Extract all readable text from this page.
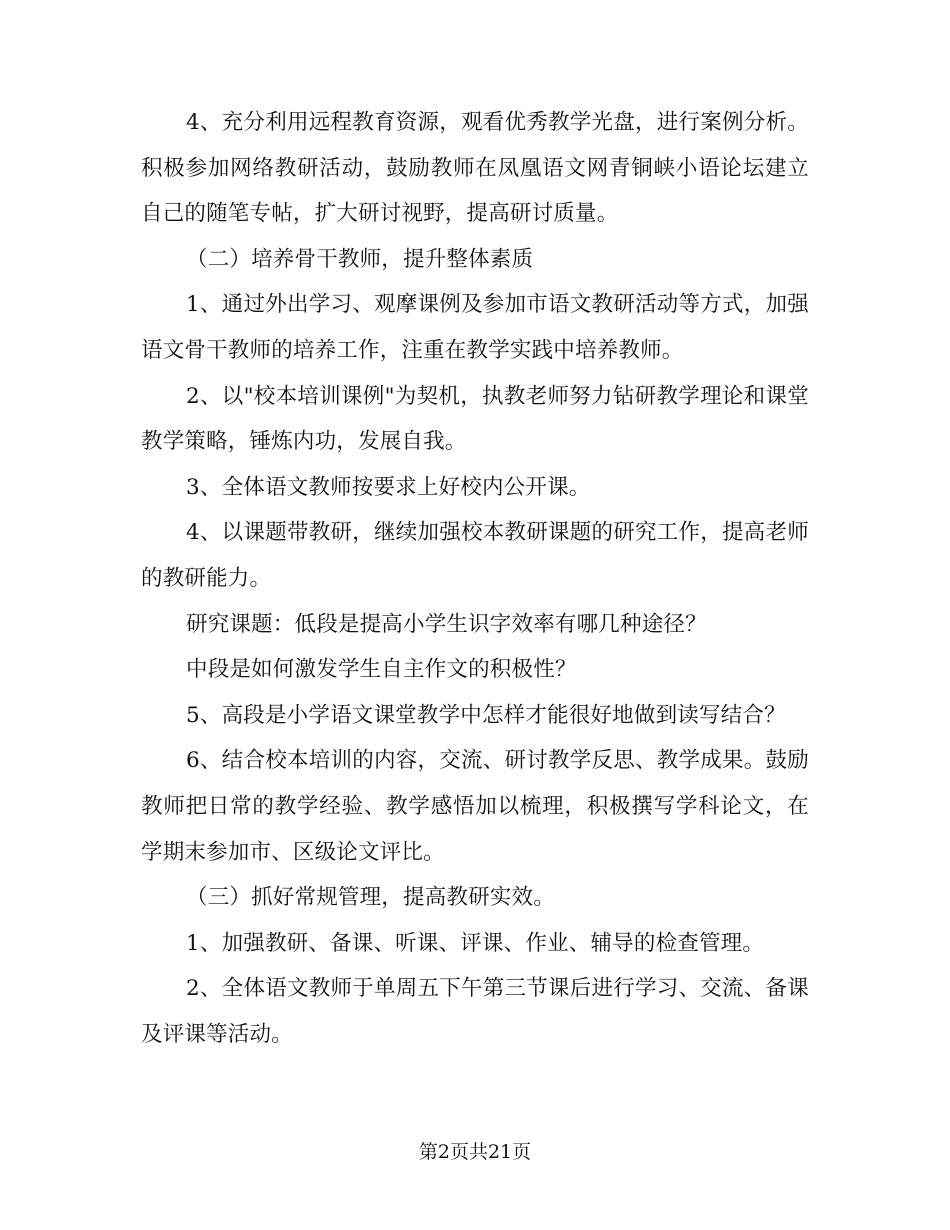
4、充分利用远程教育资源，观看优秀教学光盘，进行案例分析。积极参加网络教研活动，鼓励教师在凤凰语文网青铜峡小语论坛建立自己的随笔专帖，扩大研讨视野，提高研讨质量。

（二）培养骨干教师，提升整体素质

1、通过外出学习、观摩课例及参加市语文教研活动等方式，加强语文骨干教师的培养工作，注重在教学实践中培养教师。

2、以"校本培训课例"为契机，执教老师努力钻研教学理论和课堂教学策略，锤炼内功，发展自我。

3、全体语文教师按要求上好校内公开课。

4、以课题带教研，继续加强校本教研课题的研究工作，提高老师的教研能力。

研究课题：低段是提高小学生识字效率有哪几种途径？

中段是如何激发学生自主作文的积极性？

5、高段是小学语文课堂教学中怎样才能很好地做到读写结合？

6、结合校本培训的内容，交流、研讨教学反思、教学成果。鼓励教师把日常的教学经验、教学感悟加以梳理，积极撰写学科论文，在学期末参加市、区级论文评比。

（三）抓好常规管理，提高教研实效。

1、加强教研、备课、听课、评课、作业、辅导的检查管理。

2、全体语文教师于单周五下午第三节课后进行学习、交流、备课及评课等活动。

第2页共21页
